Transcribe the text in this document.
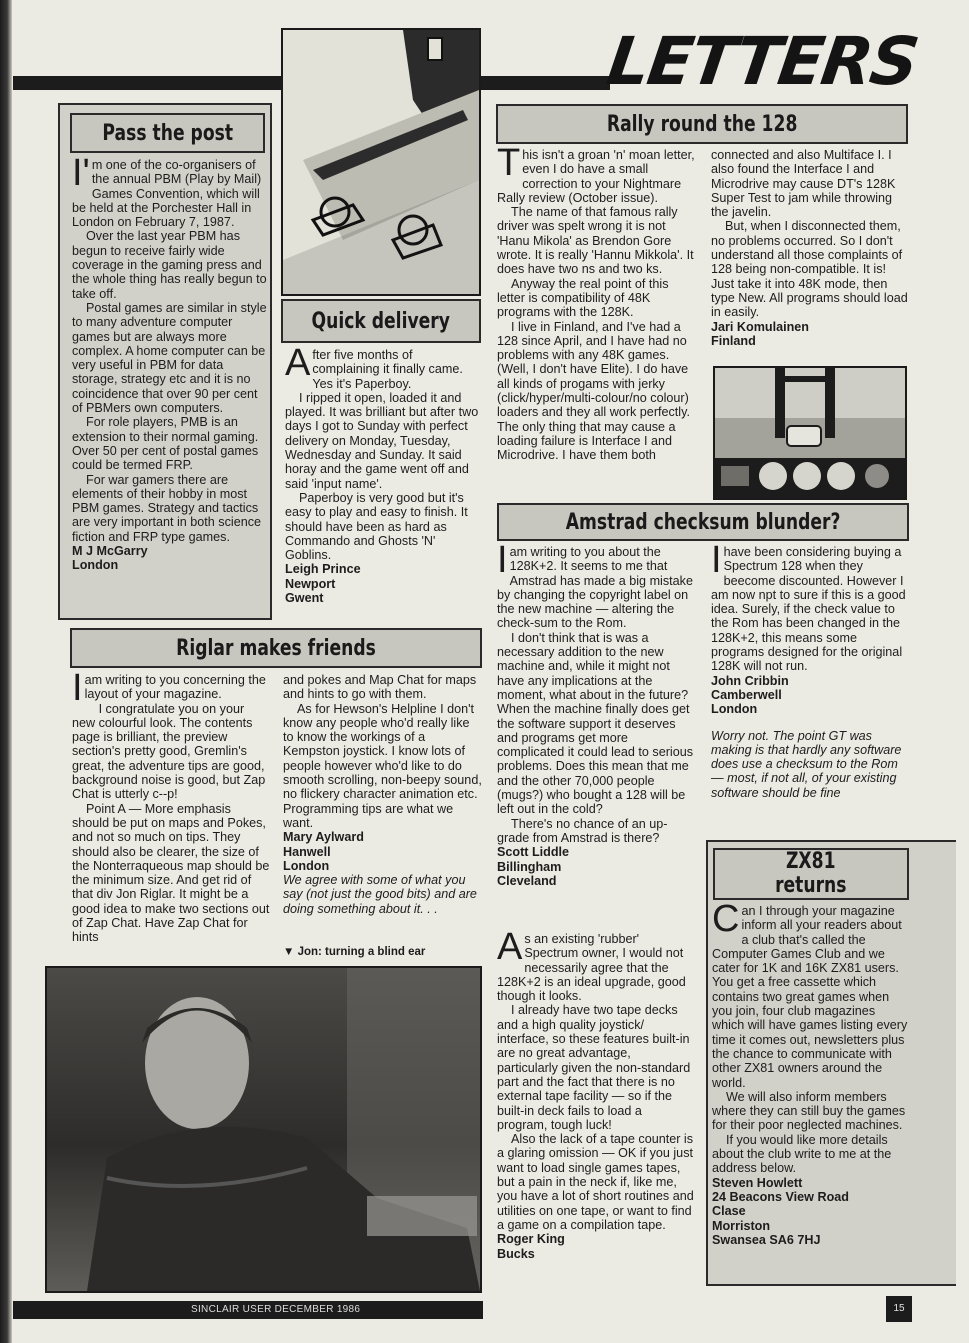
LETTERS
Pass the post

I'm one of the co-organisers of the annual PBM (Play by Mail) Games Convention, which will be held at the Porchester Hall in London on February 7, 1987.

Over the last year PBM has begun to receive fairly wide coverage in the gaming press and the whole thing has really begun to take off.

Postal games are similar in style to many adventure computer games but are always more complex. A home computer can be very useful in PBM for data storage, strategy etc and it is no coincidence that over 90 per cent of PBMers own computers.

For role players, PMB is an extension to their normal gaming. Over 50 per cent of postal games could be termed FRP.

For war gamers there are elements of their hobby in most PBM games. Strategy and tactics are very important in both science fiction and FRP type games.

M J McGarry

London

Quick delivery

After five months of complaining it finally came. Yes it's Paperboy.

I ripped it open, loaded it and played. It was brilliant but after two days I got to Sunday with perfect delivery on Monday, Tuesday, Wednesday and Sunday. It said horay and the game went off and said 'input name'.

Paperboy is very good but it's easy to play and easy to finish. It should have been as hard as Commando and Ghosts 'N' Goblins.

Leigh Prince

Newport

Gwent

Riglar makes friends

Iam writing to you concerning the layout of your magazine.

I congratulate you on your new colourful look. The contents page is brilliant, the preview section's pretty good, Gremlin's great, the adventure tips are good, background noise is good, but Zap Chat is utterly c--p!

Point A — More emphasis should be put on maps and Pokes, and not so much on tips. They should also be clearer, the size of the Nonterraqueous map should be the minimum size. And get rid of that div Jon Riglar. It might be a good idea to make two sections out of Zap Chat. Have Zap Chat for hints

and pokes and Map Chat for maps and hints to go with them.

As for Hewson's Helpline I don't know any people who'd really like to know the workings of a Kempston joystick. I know lots of people however who'd like to do smooth scrolling, non-beepy sound, no flickery character animation etc. Programming tips are what we want.

Mary Aylward

Hanwell

London

We agree with some of what you say (not just the good bits) and are doing something about it. . .

▼ Jon: turning a blind ear
Rally round the 128

This isn't a groan 'n' moan letter, even I do have a small correction to your Nightmare Rally review (October issue).

The name of that famous rally driver was spelt wrong it is not 'Hanu Mikola' as Brendon Gore wrote. It is really 'Hannu Mikkola'. It does have two ns and two ks.

Anyway the real point of this letter is compatibility of 48K programs with the 128K.

I live in Finland, and I've had a 128 since April, and I have had no problems with any 48K games. (Well, I don't have Elite). I do have all kinds of progams with jerky (click/hyper/multi-colour/no colour) loaders and they all work perfectly. The only thing that may cause a loading failure is Interface I and Microdrive. I have them both

connected and also Multiface I. I also found the Interface I and Microdrive may cause DT's 128K Super Test to jam while throwing the javelin.

But, when I disconnected them, no problems occurred. So I don't understand all those complaints of 128 being non-compatible. It is! Just take it into 48K mode, then type New. All programs should load in easily.

Jari Komulainen

Finland

Amstrad checksum blunder?

Iam writing to you about the 128K+2. It seems to me that Amstrad has made a big mistake by changing the copyright label on the new machine — altering the check-sum to the Rom.

I don't think that is was a necessary addition to the new machine and, while it might not have any implications at the moment, what about in the future? When the machine finally does get the software support it deserves and programs get more complicated it could lead to serious problems. Does this mean that me and the other 70,000 people (mugs?) who bought a 128 will be left out in the cold?

There's no chance of an up-grade from Amstrad is there?

Scott Liddle

Billingham

Cleveland

As an existing 'rubber' Spectrum owner, I would not necessarily agree that the 128K+2 is an ideal upgrade, good though it looks.

I already have two tape decks and a high quality joystick/ interface, so these features built-in are no great advantage, particularly given the non-standard part and the fact that there is no external tape facility — so if the built-in deck fails to load a program, tough luck!

Also the lack of a tape counter is a glaring omission — OK if you just want to load single games tapes, but a pain in the neck if, like me, you have a lot of short routines and utilities on one tape, or want to find a game on a compilation tape.

Roger King

Bucks

Ihave been considering buying a Spectrum 128 when they beecome discounted. However I am now npt to sure if this is a good idea. Surely, if the check value to the Rom has been changed in the 128K+2, this means some programs designed for the original 128K will not run.

John Cribbin

Camberwell

London

Worry not. The point GT was making is that hardly any software does use a checksum to the Rom — most, if not all, of your existing software should be fine

ZX81
returns

Can I through your magazine inform all your readers about a club that's called the Computer Games Club and we cater for 1K and 16K ZX81 users. You get a free cassette which contains two great games when you join, four club magazines which will have games listing every time it comes out, newsletters plus the chance to communicate with other ZX81 owners around the world.

We will also inform members where they can still buy the games for their poor neglected machines.

If you would like more details about the club write to me at the address below.

Steven Howlett

24 Beacons View Road

Clase

Morriston

Swansea SA6 7HJ

SINCLAIR USER DECEMBER 1986	15
